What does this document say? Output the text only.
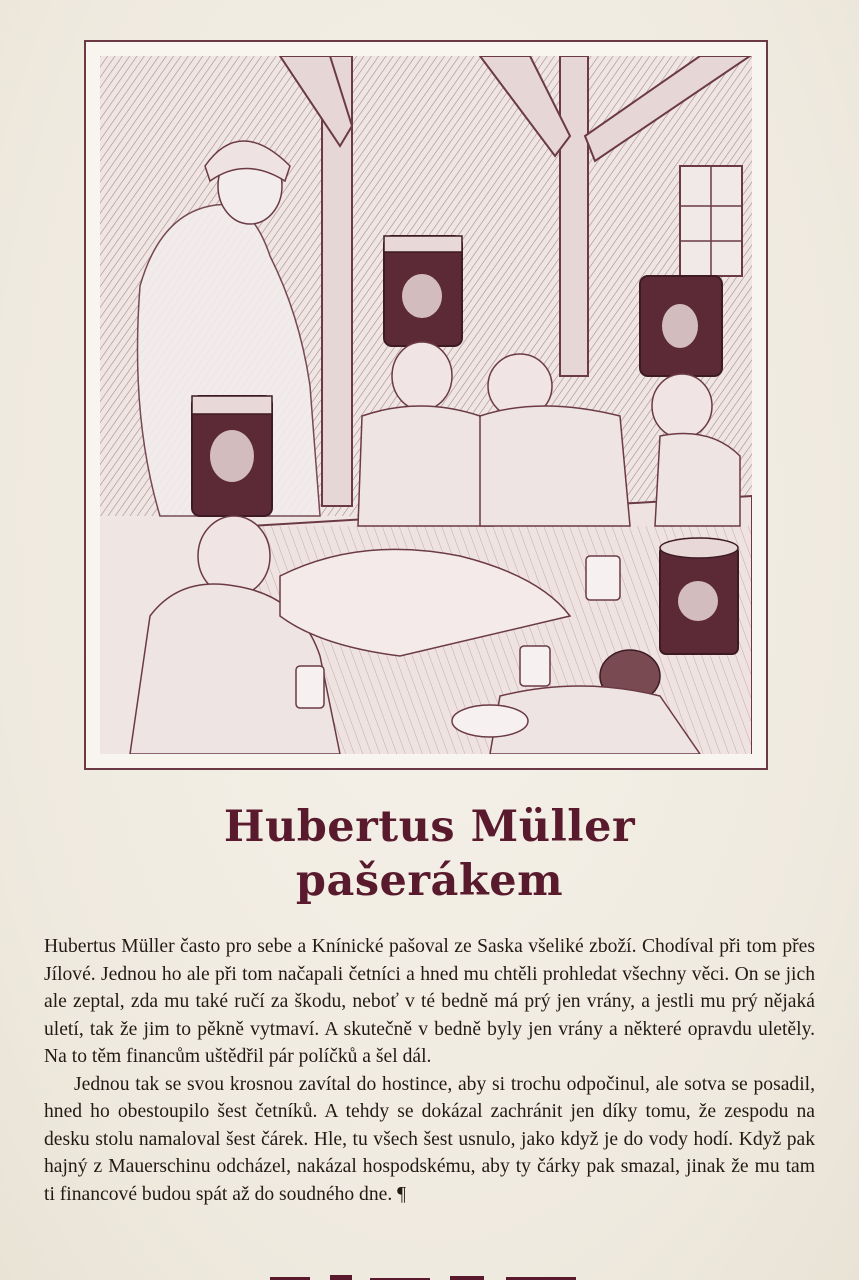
Hubertus Müller
pašerákem

Hubertus Müller často pro sebe a Knínické pašoval ze Saska všeliké zboží. Chodíval při tom přes Jílové. Jednou ho ale při tom načapali četníci a hned mu chtěli prohledat všechny věci. On se jich ale zeptal, zda mu také ručí za škodu, neboť v té bedně má prý jen vrány, a jestli mu prý nějaká uletí, tak že jim to pěkně vytmaví. A skutečně v bedně byly jen vrány a některé opravdu uletěly. Na to těm financům uštědřil pár políčků a šel dál.

Jednou tak se svou krosnou zavítal do hostince, aby si trochu odpočinul, ale sotva se posadil, hned ho obestoupilo šest četníků. A tehdy se dokázal zachránit jen díky tomu, že zespodu na desku stolu namaloval šest čárek. Hle, tu všech šest usnulo, jako když je do vody hodí. Když pak hajný z Mauerschinu odcházel, nakázal hospodskému, aby ty čárky pak smazal, jinak že mu tam ti financové budou spát až do soudného dne. ¶
